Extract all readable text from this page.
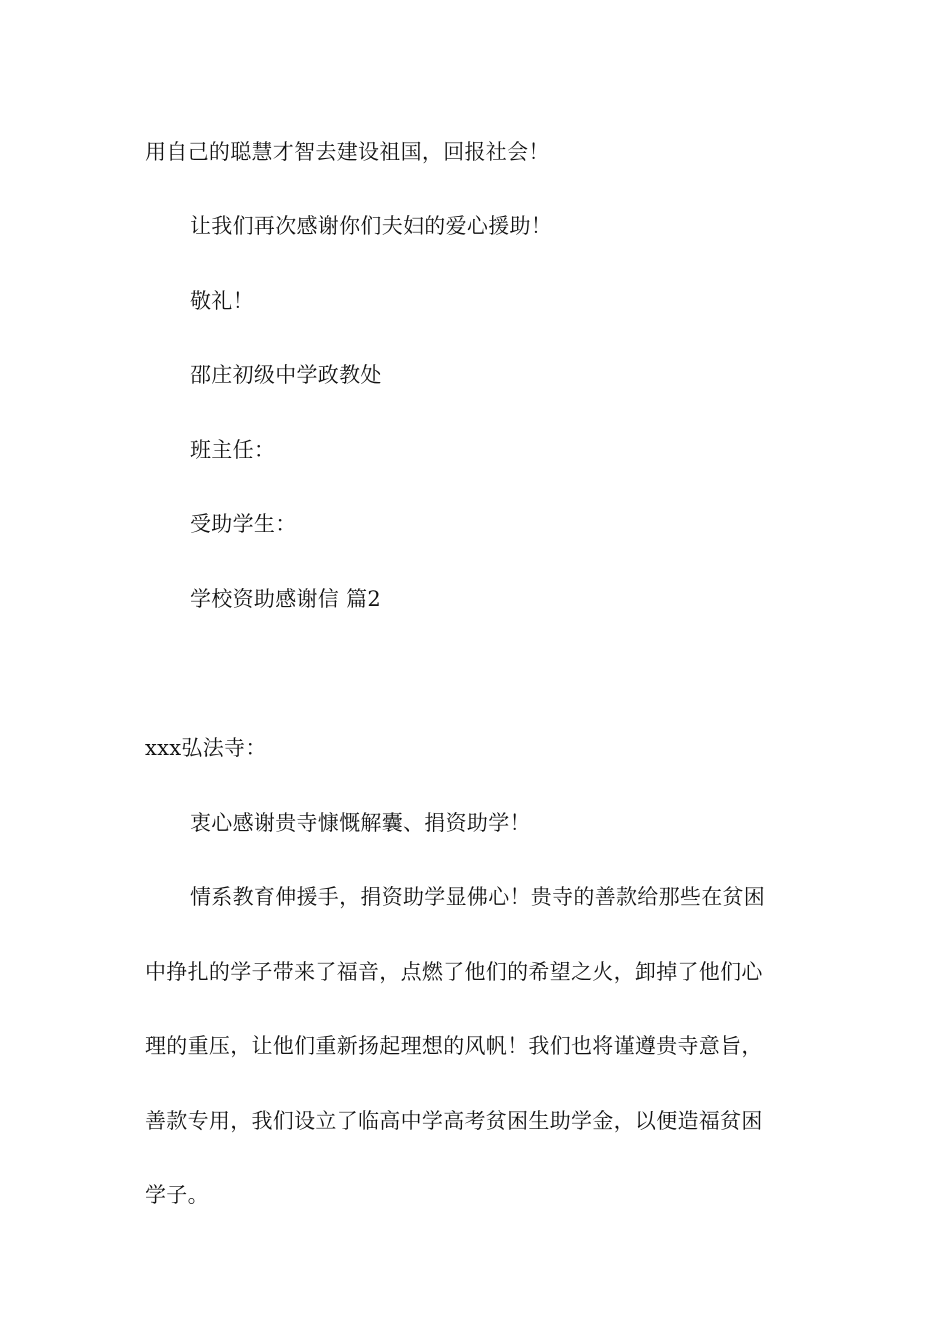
用自己的聪慧才智去建设祖国，回报社会！
让我们再次感谢你们夫妇的爱心援助！
敬礼！
邵庄初级中学政教处
班主任：
受助学生：
学校资助感谢信 篇2
xxx弘法寺：
衷心感谢贵寺慷慨解囊、捐资助学！
情系教育伸援手，捐资助学显佛心！贵寺的善款给那些在贫困
中挣扎的学子带来了福音，点燃了他们的希望之火，卸掉了他们心
理的重压，让他们重新扬起理想的风帆！我们也将谨遵贵寺意旨，
善款专用，我们设立了临高中学高考贫困生助学金，以便造福贫困
学子。
